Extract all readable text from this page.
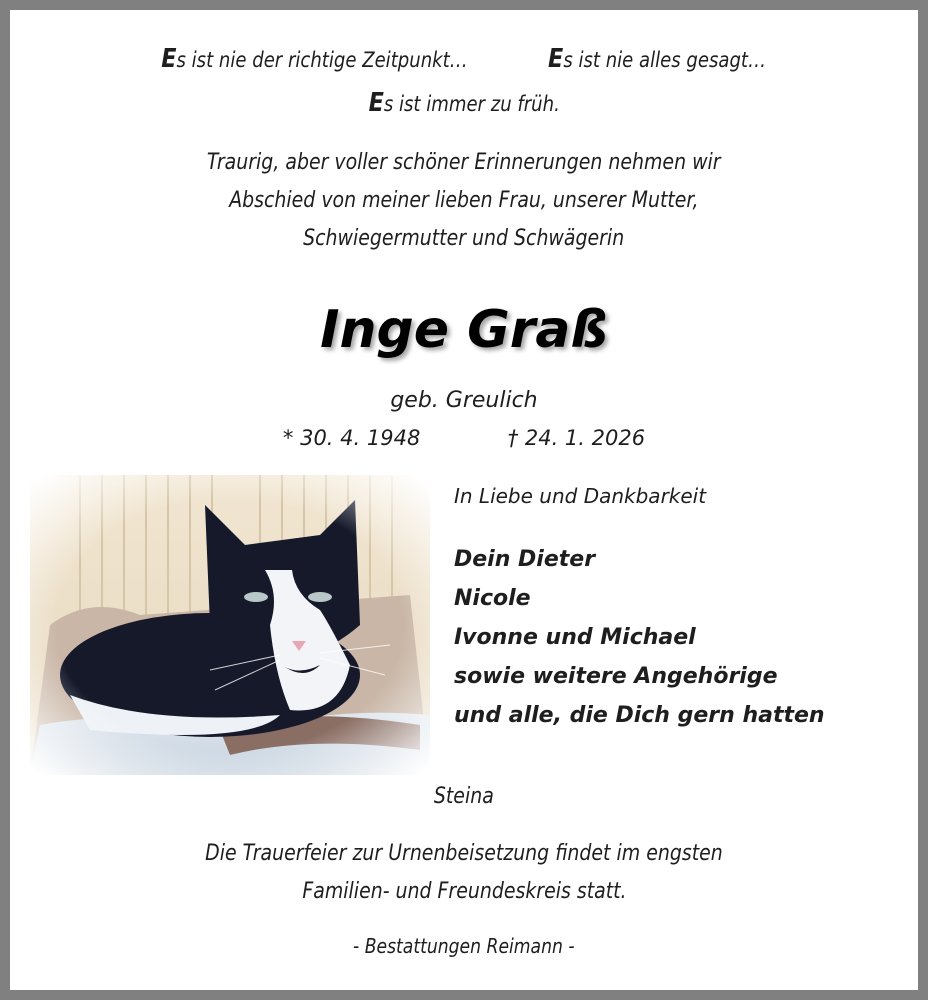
Es ist nie der richtige Zeitpunkt…	Es ist nie alles gesagt…
Es ist immer zu früh.
Traurig, aber voller schöner Erinnerungen nehmen wir
Abschied von meiner lieben Frau, unserer Mutter,
Schwiegermutter und Schwägerin
Inge Graß
geb. Greulich
* 30. 4. 1948	† 24. 1. 2026
In Liebe und Dankbarkeit
Dein Dieter
Nicole
Ivonne und Michael
sowie weitere Angehörige
und alle, die Dich gern hatten
Steina
Die Trauerfeier zur Urnenbeisetzung findet im engsten
Familien- und Freundeskreis statt.
- Bestattungen Reimann -
